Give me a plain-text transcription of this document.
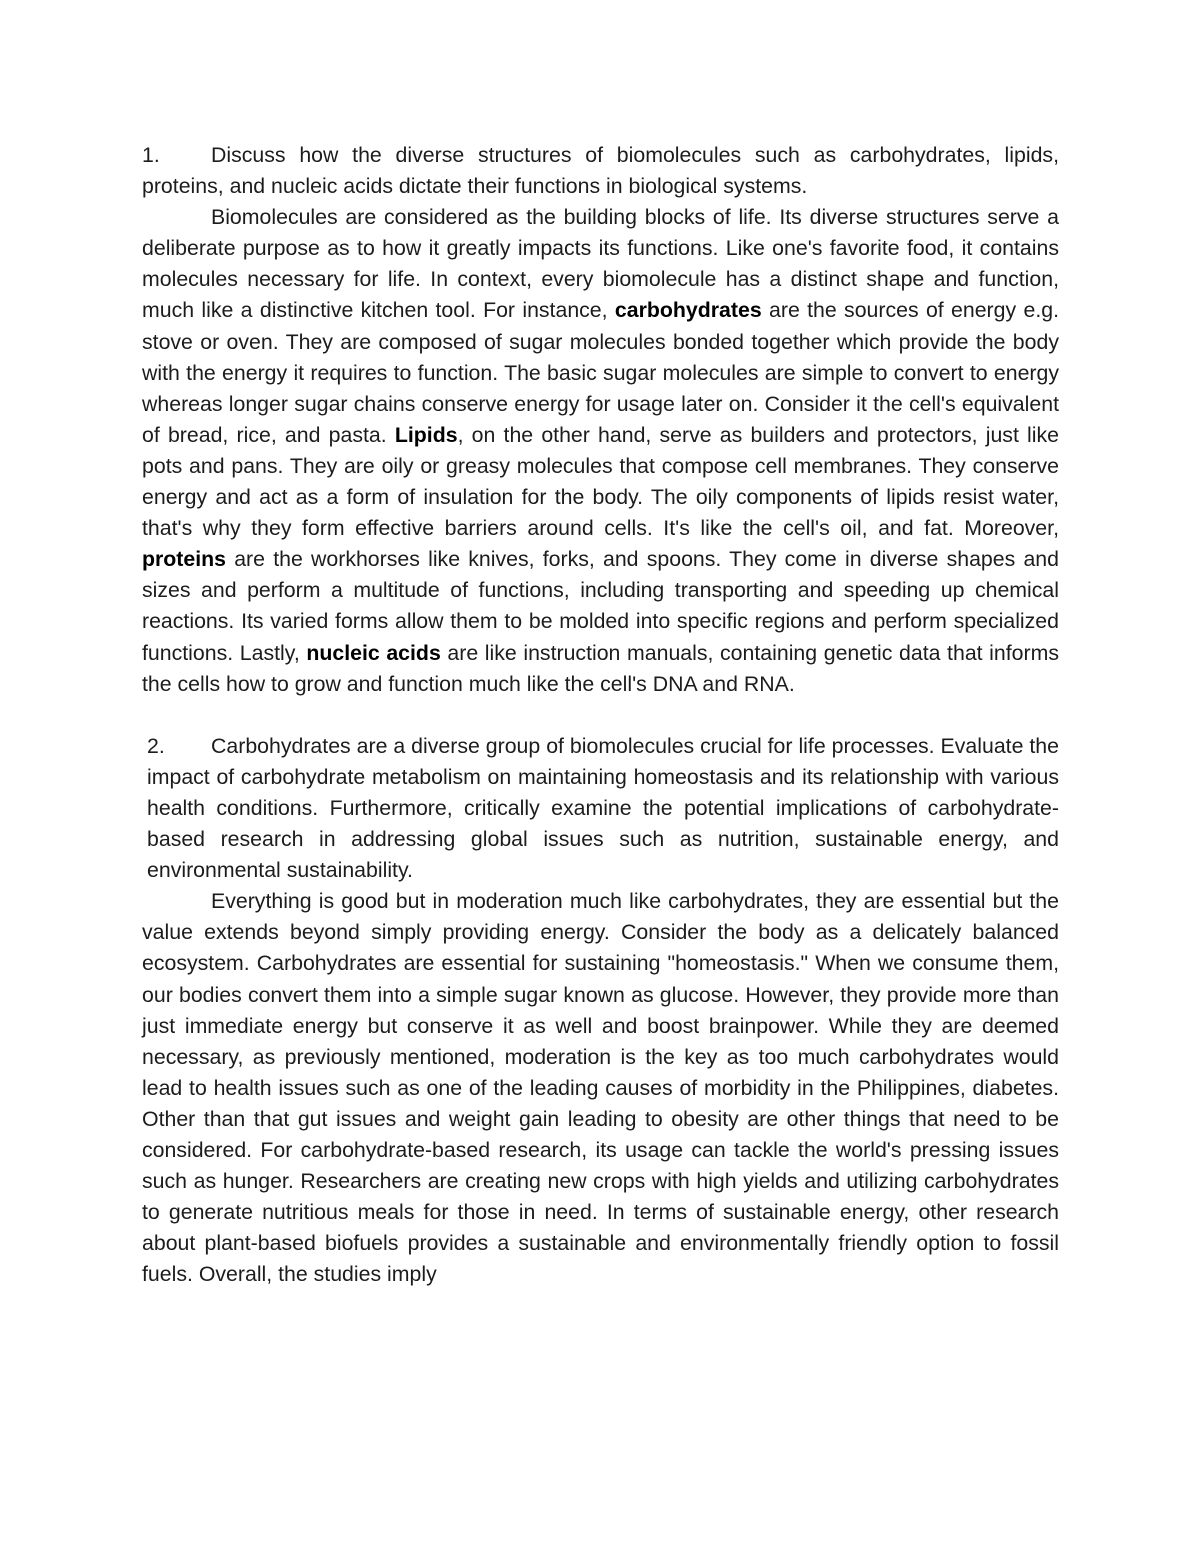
1. Discuss how the diverse structures of biomolecules such as carbohydrates, lipids, proteins, and nucleic acids dictate their functions in biological systems.

Biomolecules are considered as the building blocks of life. Its diverse structures serve a deliberate purpose as to how it greatly impacts its functions. Like one's favorite food, it contains molecules necessary for life. In context, every biomolecule has a distinct shape and function, much like a distinctive kitchen tool. For instance, carbohydrates are the sources of energy e.g. stove or oven. They are composed of sugar molecules bonded together which provide the body with the energy it requires to function. The basic sugar molecules are simple to convert to energy whereas longer sugar chains conserve energy for usage later on. Consider it the cell's equivalent of bread, rice, and pasta. Lipids, on the other hand, serve as builders and protectors, just like pots and pans. They are oily or greasy molecules that compose cell membranes. They conserve energy and act as a form of insulation for the body. The oily components of lipids resist water, that's why they form effective barriers around cells. It's like the cell's oil, and fat. Moreover, proteins are the workhorses like knives, forks, and spoons. They come in diverse shapes and sizes and perform a multitude of functions, including transporting and speeding up chemical reactions. Its varied forms allow them to be molded into specific regions and perform specialized functions. Lastly, nucleic acids are like instruction manuals, containing genetic data that informs the cells how to grow and function much like the cell's DNA and RNA.

2. Carbohydrates are a diverse group of biomolecules crucial for life processes. Evaluate the impact of carbohydrate metabolism on maintaining homeostasis and its relationship with various health conditions. Furthermore, critically examine the potential implications of carbohydrate-based research in addressing global issues such as nutrition, sustainable energy, and environmental sustainability.

Everything is good but in moderation much like carbohydrates, they are essential but the value extends beyond simply providing energy. Consider the body as a delicately balanced ecosystem. Carbohydrates are essential for sustaining "homeostasis." When we consume them, our bodies convert them into a simple sugar known as glucose. However, they provide more than just immediate energy but conserve it as well and boost brainpower. While they are deemed necessary, as previously mentioned, moderation is the key as too much carbohydrates would lead to health issues such as one of the leading causes of morbidity in the Philippines, diabetes. Other than that gut issues and weight gain leading to obesity are other things that need to be considered. For carbohydrate-based research, its usage can tackle the world's pressing issues such as hunger. Researchers are creating new crops with high yields and utilizing carbohydrates to generate nutritious meals for those in need. In terms of sustainable energy, other research about plant-based biofuels provides a sustainable and environmentally friendly option to fossil fuels. Overall, the studies imply
